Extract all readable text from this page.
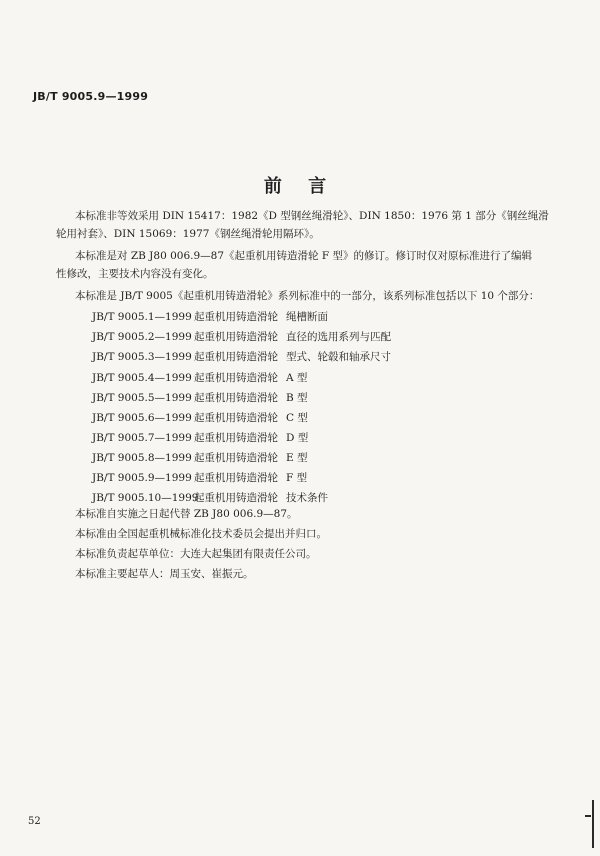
JB/T 9005.9—1999
前 言
本标准非等效采用 DIN 15417：1982《D 型钢丝绳滑轮》、DIN 1850：1976 第 1 部分《钢丝绳滑
轮用衬套》、DIN 15069：1977《钢丝绳滑轮用隔环》。
本标准是对 ZB J80 006.9—87《起重机用铸造滑轮 F 型》的修订。修订时仅对原标准进行了编辑
性修改，主要技术内容没有变化。
本标准是 JB/T 9005《起重机用铸造滑轮》系列标准中的一部分，该系列标准包括以下 10 个部分：
JB/T 9005.1—1999 起重机用铸造滑轮 绳槽断面
JB/T 9005.2—1999 起重机用铸造滑轮 直径的选用系列与匹配
JB/T 9005.3—1999 起重机用铸造滑轮 型式、轮毂和轴承尺寸
JB/T 9005.4—1999 起重机用铸造滑轮 A 型
JB/T 9005.5—1999 起重机用铸造滑轮 B 型
JB/T 9005.6—1999 起重机用铸造滑轮 C 型
JB/T 9005.7—1999 起重机用铸造滑轮 D 型
JB/T 9005.8—1999 起重机用铸造滑轮 E 型
JB/T 9005.9—1999 起重机用铸造滑轮 F 型
JB/T 9005.10—1999起重机用铸造滑轮 技术条件
本标准自实施之日起代替 ZB J80 006.9—87。
本标准由全国起重机械标准化技术委员会提出并归口。
本标准负责起草单位：大连大起集团有限责任公司。
本标准主要起草人：周玉安、崔振元。
52
